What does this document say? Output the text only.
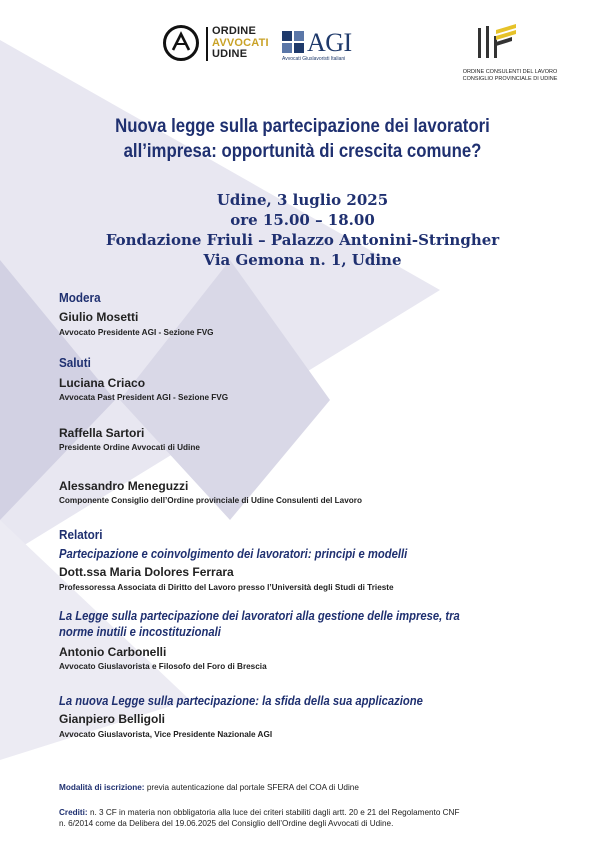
ORDINE
AVVOCATI
UDINE	AGI
Avvocati Giuslavoristi Italiani
ORDINE CONSULENTI DEL LAVORO
CONSIGLIO PROVINCIALE DI UDINE
Nuova legge sulla partecipazione dei lavoratori
all’impresa: opportunità di crescita comune?
Udine, 3 luglio 2025
ore 15.00 – 18.00
Fondazione Friuli – Palazzo Antonini-Stringher
Via Gemona n. 1, Udine
Modera
Giulio Mosetti
Avvocato Presidente AGI - Sezione FVG
Saluti
Luciana Criaco
Avvocata Past President AGI - Sezione FVG
Raffella Sartori
Presidente Ordine Avvocati di Udine
Alessandro Meneguzzi
Componente Consiglio dell’Ordine provinciale di Udine Consulenti del Lavoro
Relatori
Partecipazione e coinvolgimento dei lavoratori: principi e modelli
Dott.ssa Maria Dolores Ferrara
Professoressa Associata di Diritto del Lavoro presso l’Università degli Studi di Trieste
La Legge sulla partecipazione dei lavoratori alla gestione delle imprese, tra
norme inutili e incostituzionali
Antonio Carbonelli
Avvocato Giuslavorista e Filosofo del Foro di Brescia
La nuova Legge sulla partecipazione: la sfida della sua applicazione
Gianpiero Belligoli
Avvocato Giuslavorista, Vice Presidente Nazionale AGI
Modalità di iscrizione: previa autenticazione dal portale SFERA del COA di Udine
Crediti: n. 3 CF in materia non obbligatoria alla luce dei criteri stabiliti dagli artt. 20 e 21 del Regolamento CNF
n. 6/2014 come da Delibera del 19.06.2025 del Consiglio dell’Ordine degli Avvocati di Udine.
